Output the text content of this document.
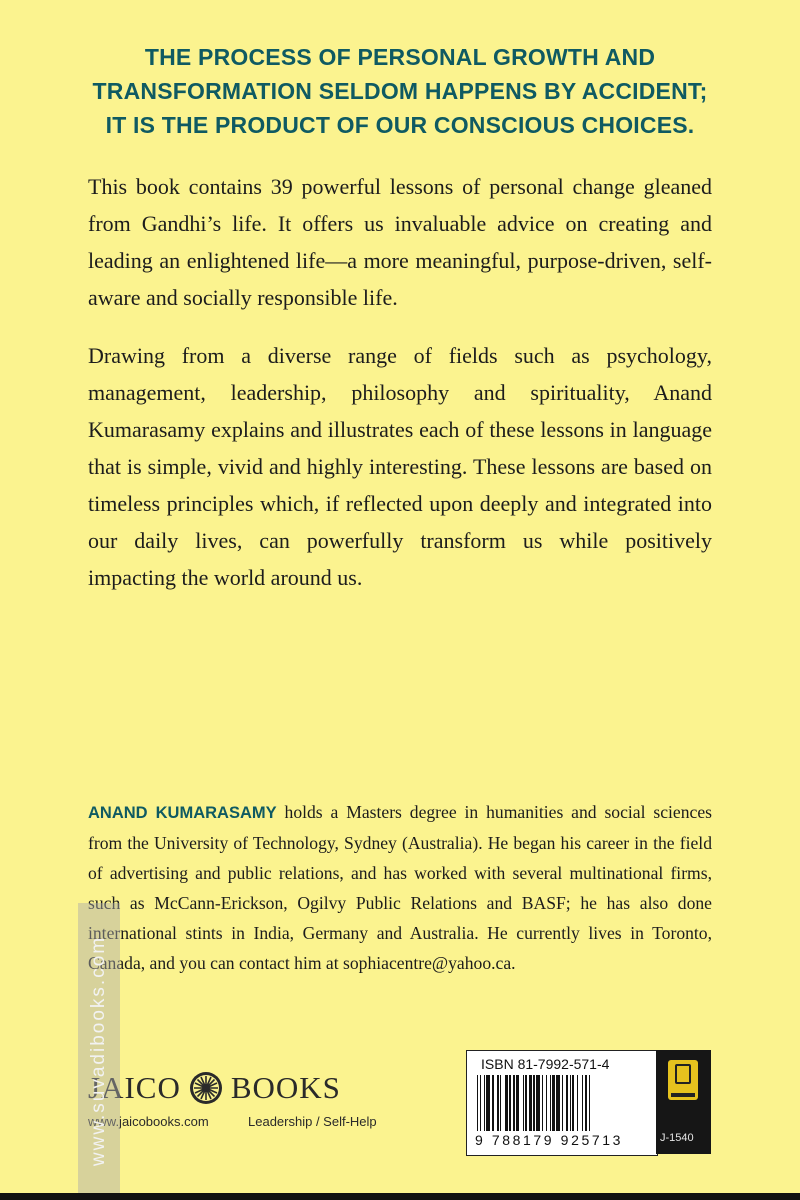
THE PROCESS OF PERSONAL GROWTH AND
TRANSFORMATION SELDOM HAPPENS BY ACCIDENT;
IT IS THE PRODUCT OF OUR CONSCIOUS CHOICES.

This book contains 39 powerful lessons of personal change gleaned from Gandhi’s life. It offers us invaluable advice on creating and leading an enlightened life—a more meaningful, purpose-driven, self-aware and socially responsible life.

Drawing from a diverse range of fields such as psychology, management, leadership, philosophy and spirituality, Anand Kumarasamy explains and illustrates each of these lessons in language that is simple, vivid and highly interesting. These lessons are based on timeless principles which, if reflected upon deeply and integrated into our daily lives, can powerfully transform us while positively impacting the world around us.

ANAND KUMARASAMY holds a Masters degree in humanities and social sciences from the University of Technology, Sydney (Australia). He began his career in the field of advertising and public relations, and has worked with several multinational firms, such as McCann-Erickson, Ogilvy Public Relations and BASF; he has also done international stints in India, Germany and Australia. He currently lives in Toronto, Canada, and you can contact him at sophiacentre@yahoo.ca.

JAICO BOOKS
www.jaicobooks.com	Leadership / Self-Help
ISBN 81-7992-571-4
9 788179 925713	J-1540
www.suvadibooks.com
